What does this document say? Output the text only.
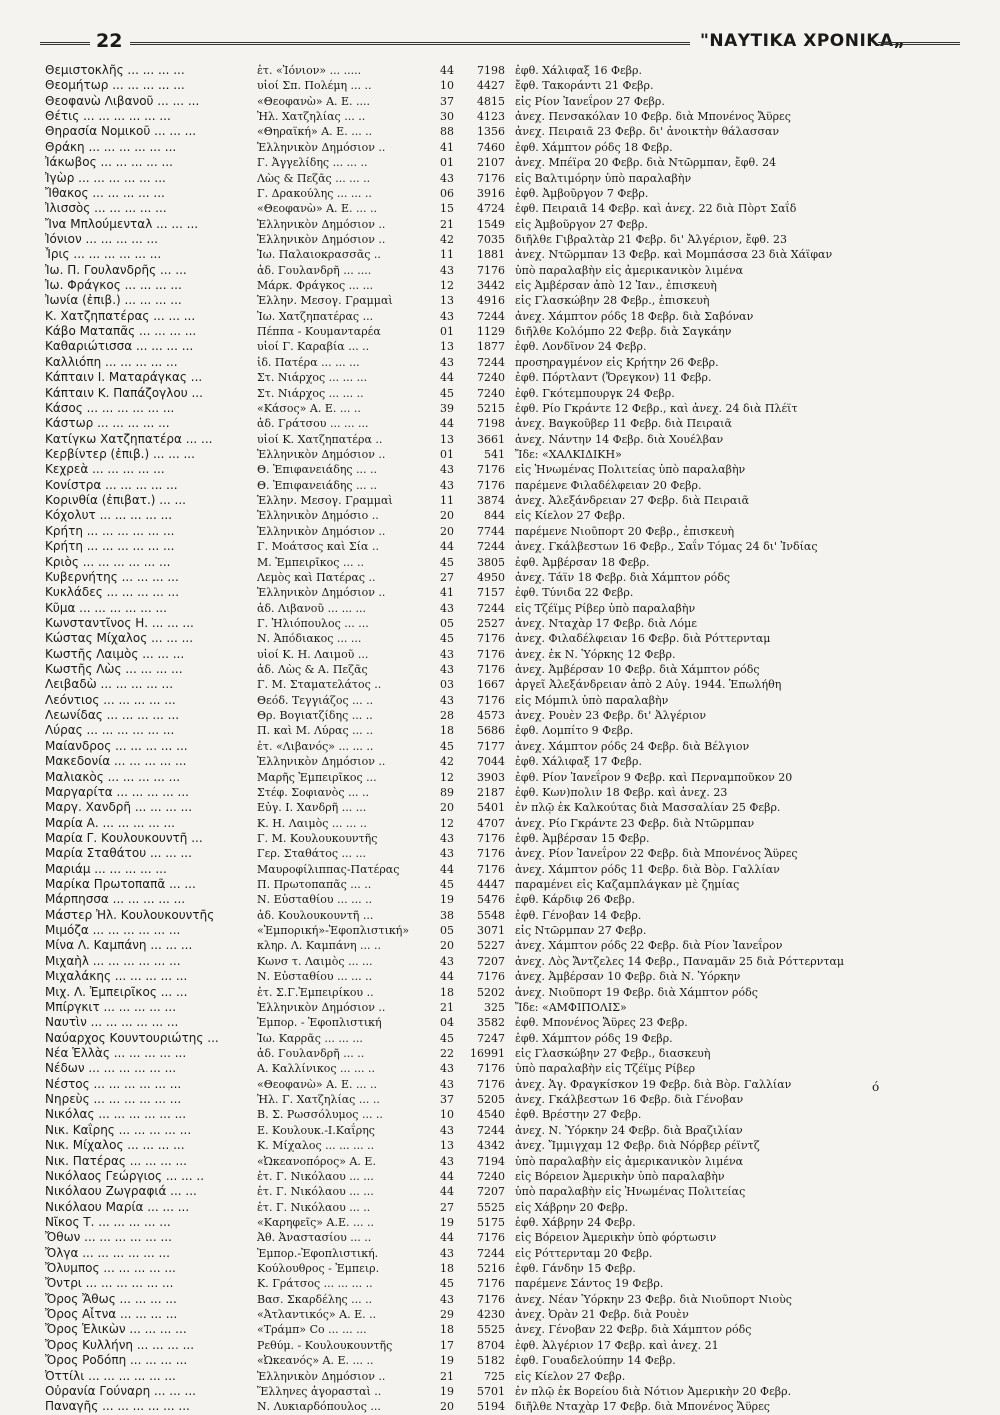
22	"ΝΑΥΤΙΚΑ ΧΡΟΝΙΚΑ„
Θεμιστοκλῆς ... ... ... ...	ἑτ. «Ἰόνιον» ... .....	44	7198 ἐφθ. Χάλιφαξ 16 Φεβρ.
Θεομήτωρ ... ... ... ... ...	υἱοί Σπ. Πολέμη ... ..	10	4427 ἔφθ. Τακοράντι 21 Φεβρ.
Θεοφανὼ Λιβανοῦ ... ... ...	«Θεοφανὼ» Α. Ε. ....	37	4815 εἰς Ρίον Ἰανεΐρον 27 Φεβρ.
Θέτις ... ... ... ... ... ...	Ἠλ. Χατζηλίας ... ..	30	4123 ἀνεχ. Πενσακόλαν 10 Φεβρ. διὰ Μπονένος Ἄϋρες
Θηρασία Νομικοῦ ... ... ...	«Θηραϊκή» Α. Ε. ... ..	88	1356 ἀνεχ. Πειραιᾶ 23 Φεβρ. δι' ἀνοικτὴν θάλασσαν
Θράκη ... ... ... ... ... ...	Ἑλληνικὸν Δημόσιον ..	41	7460 ἐφθ. Χάμπτον ρόδς 18 Φεβρ.
Ἰάκωβος ... ... ... ... ...	Γ. Ἀγγελίδης ... ... ..	01	2107 ἀνεχ. Μπέϊρα 20 Φεβρ. διὰ Ντῶρμπαν, ἔφθ. 24
Ἰγὼρ ... ... ... ... ... ...	Λὼς & Πεζᾶς ... ... ..	43	7176 εἰς Βαλτιμόρην ὑπὸ παραλαβὴν
Ἴθακος ... ... ... ... ...	Γ. Δρακούλης ... ... ..	06	3916 ἐφθ. Ἀμβοῦργον 7 Φεβρ.
Ἰλισσὸς ... ... ... ... ...	«Θεοφανὼ» Α. Ε. ... ..	15	4724 ἐφθ. Πειραιᾶ 14 Φεβρ. καὶ ἀνεχ. 22 διὰ Πὸρτ Σαΐδ
Ἴνα Μπλούμενταλ ... ... ...	Ἑλληνικὸν Δημόσιον ..	21	1549 εἰς Ἀμβοῦργον 27 Φεβρ.
Ἰόνιον ... ... ... ... ...	Ἑλληνικὸν Δημόσιον ..	42	7035 διῆλθε Γιβραλτὰρ 21 Φεβρ. δι' Ἀλγέριον, ἔφθ. 23
Ἶρις ... ... ... ... ... ...	Ἰω. Παλαιοκρασσᾶς ..	11	1881 ἀνεχ. Ντῶρμπαν 13 Φεβρ. καὶ Μομπάσσα 23 διὰ Χάϊφαν
Ἰω. Π. Γουλανδρῆς ... ...	ἀδ. Γουλανδρῆ ... ....	43	7176 ὑπὸ παραλαβὴν εἰς ἀμερικανικὸν λιμένα
Ἰω. Φράγκος ... ... ... ...	Μάρκ. Φράγκος ... ...	12	3442 εἰς Ἀμβέρσαν ἀπὸ 12 Ἰαν., ἐπισκευὴ
Ἰωνία (ἐπιβ.) ... ... ... ...	Ἑλλην. Μεσογ. Γραμμαὶ	13	4916 εἰς Γλασκώβην 28 Φεβρ., ἐπισκευὴ
Κ. Χατζηπατέρας ... ... ...	Ἰω. Χατζηπατέρας ...	43	7244 ἀνεχ. Χάμπτον ρόδς 18 Φεβρ. διὰ Σαβόναν
Κάβο Ματαπᾶς ... ... ... ...	Πέππα - Κουμανταρέα	01	1129 διῆλθε Κολόμπο 22 Φεβρ. διὰ Σαγκάην
Καθαριώτισσα ... ... ... ...	υἱοί Γ. Καραβία ... ..	13	1877 ἐφθ. Λονδῖνον 24 Φεβρ.
Καλλιόπη ... ... ... ... ...	ἰδ. Πατέρα ... ... ...	43	7244 προσηραγμένον εἰς Κρήτην 26 Φεβρ.
Κάπταιν Ι. Ματαράγκας ...	Στ. Νιάρχος ... ... ...	44	7240 ἐφθ. Πόρτλαντ (Ὄρεγκον) 11 Φεβρ.
Κάπταιν Κ. Παπάζογλου ...	Στ. Νιάρχος ... ... ..	45	7240 ἐφθ. Γκότεμπουργκ 24 Φεβρ.
Κάσος ... ... ... ... ... ...	«Κάσος» Α. Ε. ... ..	39	5215 ἐφθ. Ρίο Γκράντε 12 Φεβρ., καὶ ἀνεχ. 24 διὰ Πλέϊτ
Κάστωρ ... ... ... ... ...	ἀδ. Γράτσου ... ... ...	44	7198 ἀνεχ. Βαγκοῦβερ 11 Φεβρ. διὰ Πειραιᾶ
Κατίγκω Χατζηπατέρα ... ...	υἱοί Κ. Χατζηπατέρα ..	13	3661 ἀνεχ. Νάντην 14 Φεβρ. διὰ Χουέλβαν
Κερβίντερ (ἐπιβ.) ... ... ...	Ἑλληνικὸν Δημόσιον ..	01	541 Ἴδε: «ΧΑΛΚΙΔΙΚΗ»
Κεχρεὰ ... ... ... ... ...	Θ. Ἐπιφανειάδης ... ..	43	7176 εἰς Ἠνωμένας Πολιτείας ὑπὸ παραλαβὴν
Κονίστρα ... ... ... ... ...	Θ. Ἐπιφανειάδης ... ..	43	7176 παρέμενε Φιλαδέλφειαν 20 Φεβρ.
Κορινθία (ἐπιβατ.) ... ...	Ἑλλην. Μεσογ. Γραμμαὶ	11	3874 ἀνεχ. Ἀλεξάνδρειαν 27 Φεβρ. διὰ Πειραιᾶ
Κόχολυτ ... ... ... ... ...	Ἑλληνικὸν Δημόσιο ..	20	844 εἰς Κίελον 27 Φεβρ.
Κρήτη ... ... ... ... ... ...	Ἑλληνικὸν Δημόσιον ..	20	7744 παρέμενε Νιοῦπορτ 20 Φεβρ., ἐπισκευὴ
Κρήτη ... ... ... ... ... ...	Γ. Μοάτσος καὶ Σία ..	44	7244 ἀνεχ. Γκάλβεστων 16 Φεβρ., Σαΐν Τόμας 24 δι' Ἰνδίας
Κριὸς ... ... ... ... ... ...	Μ. Ἐμπειρῖκος ... ..	45	3805 ἐφθ. Ἀμβέρσαν 18 Φεβρ.
Κυβερνήτης ... ... ... ...	Λεμὸς καὶ Πατέρας ..	27	4950 ἀνεχ. Τάϊν 18 Φεβρ. διὰ Χάμπτον ρόδς
Κυκλάδες ... ... ... ... ...	Ἑλληνικὸν Δημόσιον ..	41	7157 ἐφθ. Τύνιδα 22 Φεβρ.
Κῦμα ... ... ... ... ... ...	ἀδ. Λιβανοῦ ... ... ...	43	7244 εἰς Τζέϊμς Ρίβερ ὑπὸ παραλαβὴν
Κωνσταντῖνος Η. ... ... ...	Γ. Ἠλιόπουλος ... ...	05	2527 ἀνεχ. Νταχὰρ 17 Φεβρ. διὰ Λόμε
Κώστας Μίχαλος ... ... ...	Ν. Ἀπόδιακος ... ...	45	7176 ἀνεχ. Φιλαδέλφειαν 16 Φεβρ. διὰ Ρόττερνταμ
Κωστῆς Λαιμὸς ... ... ...	υἱοί Κ. Η. Λαιμοῦ ...	43	7176 ἀνεχ. ἐκ Ν. Ὑόρκης 12 Φεβρ.
Κωστῆς Λὼς ... ... ... ...	ἀδ. Λὼς & Α. Πεζᾶς	43	7176 ἀνεχ. Ἀμβέρσαν 10 Φεβρ. διὰ Χάμπτον ρόδς
Λειβαδὼ ... ... ... ... ...	Γ. Μ. Σταματελάτος ..	03	1667 ἀργεῖ Ἀλεξάνδρειαν ἀπὸ 2 Αὐγ. 1944. Ἐπωλήθη
Λεόντιος ... ... ... ... ...	Θεόδ. Τεγγιάζος ... ..	43	7176 εἰς Μόμπιλ ὑπὸ παραλαβὴν
Λεωνίδας ... ... ... ... ...	Θρ. Βογιατζίδης ... ..	28	4573 ἀνεχ. Ρουὲν 23 Φεβρ. δι' Ἀλγέριον
Λύρας ... ... ... ... ... ...	Π. καὶ Μ. Λύρας ... ..	18	5686 ἐφθ. Λομπίτο 9 Φεβρ.
Μαίανδρος ... ... ... ... ...	ἑτ. «Λιβανός» ... ... ..	45	7177 ἀνεχ. Χάμπτον ρόδς 24 Φεβρ. διὰ Βέλγιον
Μακεδονία ... ... ... ... ...	Ἑλληνικὸν Δημόσιον ..	42	7044 ἐφθ. Χάλιφαξ 17 Φεβρ.
Μαλιακὸς ... ... ... ... ...	Μαρῆς Ἐμπειρῖκος ...	12	3903 ἐφθ. Ρίον Ἰανεΐρον 9 Φεβρ. καὶ Περναμποῦκον 20
Μαργαρίτα ... ... ... ... ...	Στέφ. Σοφιανὸς ... ..	89	2187 ἐφθ. Κων)πολιν 18 Φεβρ. καὶ ἀνεχ. 23
Μαργ. Χανδρῆ ... ... ... ...	Εὐγ. Ι. Χανδρῆ ... ...	20	5401 ἐν πλῷ ἐκ Καλκούτας διὰ Μασσαλίαν 25 Φεβρ.
Μαρία Α. ... ... ... ... ...	Κ. Η. Λαιμὸς ... ... ..	12	4707 ἀνεχ. Ρίο Γκράντε 23 Φεβρ. διὰ Ντῶρμπαν
Μαρία Γ. Κουλουκουντῆ ...	Γ. Μ. Κουλουκουντῆς	43	7176 ἐφθ. Ἀμβέρσαν 15 Φεβρ.
Μαρία Σταθάτου ... ... ...	Γερ. Σταθάτος ... ...	43	7176 ἀνεχ. Ρίον Ἰανεΐρον 22 Φεβρ. διὰ Μπονένος Ἄϋρες
Μαριάμ ... ... ... ... ...	Μαυροφίλιππας-Πατέρας	44	7176 ἀνεχ. Χάμπτον ρόδς 11 Φεβρ. διὰ Βὸρ. Γαλλίαν
Μαρίκα Πρωτοπαπᾶ ... ...	Π. Πρωτοπαπᾶς ... ..	45	4447 παραμένει εἰς Καζαμπλάγκαν μὲ ζημίας
Μάρπησσα ... ... ... ... ...	Ν. Εὐσταθίου ... ... ..	19	5476 ἐφθ. Κάρδιφ 26 Φεβρ.
Μάστερ Ἠλ. Κουλουκουντῆς	ἀδ. Κουλουκουντῆ ...	38	5548 ἐφθ. Γένοβαν 14 Φεβρ.
Μιμόζα ... ... ... ... ... ...	«Ἐμπορική»-Ἐφοπλιστική»	05	3071 εἰς Ντῶρμπαν 27 Φεβρ.
Μίνα Λ. Καμπάνη ... ... ...	κληρ. Λ. Καμπάνη ... ..	20	5227 ἀνεχ. Χάμπτον ρόδς 22 Φεβρ. διὰ Ρίον Ἰανεΐρον
Μιχαὴλ ... ... ... ... ... ...	Κωνσ τ. Λαιμὸς ... ...	43	7207 ἀνεχ. Λὸς Ἄντζελες 14 Φεβρ., Παναμᾶν 25 διὰ Ρόττερνταμ
Μιχαλάκης ... ... ... ... ...	Ν. Εὐσταθίου ... ... ..	44	7176 ἀνεχ. Ἀμβέρσαν 10 Φεβρ. διὰ Ν. Ὑόρκην
Μιχ. Λ. Ἐμπειρῖκος ... ...	ἑτ. Σ.Γ.Ἐμπειρίκου ..	18	5202 ἀνεχ. Νιοῦπορτ 19 Φεβρ. διὰ Χάμπτον ρόδς
Μπίργκιτ ... ... ... ... ...	Ἑλληνικὸν Δημόσιον ..	21	325 Ἴδε: «ΑΜΦΙΠΟΛΙΣ»
Ναυτὶν ... ... ... ... ... ...	Ἐμπορ. - Ἐφοπλιστική	04	3582 ἐφθ. Μπονένος Ἄϋρες 23 Φεβρ.
Ναύαρχος Κουντουριώτης ...	Ἰω. Καρρᾶς ... ... ...	45	7247 ἐφθ. Χάμπτον ρόδς 19 Φεβρ.
Νέα Ἑλλὰς ... ... ... ... ...	ἀδ. Γουλανδρῆ ... ..	22	16991 εἰς Γλασκώβην 27 Φεβρ., διασκευὴ
Νέδων ... ... ... ... ... ...	Α. Καλλίνικος ... ... ..	43	7176 ὑπὸ παραλαβὴν εἰς Τζέϊμς Ρίβερ
Νέστος ... ... ... ... ... ...	«Θεοφανὼ» Α. Ε. ... ..	43	7176 ἀνεχ. Ἁγ. Φραγκίσκον 19 Φεβρ. διὰ Βὸρ. Γαλλίαν
Νηρεὺς ... ... ... ... ... ...	Ἠλ. Γ. Χατζηλίας ... ..	37	5205 ἀνεχ. Γκάλβεστων 16 Φεβρ. διὰ Γένοβαν
Νικόλας ... ... ... ... ... ...	Β. Σ. Ρωσσόλυμος ... ..	10	4540 ἐφθ. Βρέστην 27 Φεβρ.
Νικ. Καΐρης ... ... ... ... ...	Ε. Κουλουκ.-Ι.Καΐρης	43	7244 ἀνεχ. Ν. Ὑόρκην 24 Φεβρ. διὰ Βραζιλίαν
Νικ. Μίχαλος ... ... ... ...	Κ. Μίχαλος ... ... ... ..	13	4342 ἀνεχ. Ἴμμιγχαμ 12 Φεβρ. διὰ Νόρβερ ρέϊντζ
Νικ. Πατέρας ... ... ... ...	«Ὠκεανοπόρος» Α. Ε.	43	7194 ὑπὸ παραλαβὴν εἰς ἀμερικανικὸν λιμένα
Νικόλαος Γεώργιος ... ... ..	ἑτ. Γ. Νικόλαου ... ...	44	7240 εἰς Βόρειον Ἀμερικὴν ὑπὸ παραλαβὴν
Νικόλαου Ζωγραφιά ... ...	ἑτ. Γ. Νικόλαου ... ...	44	7207 ὑπὸ παραλαβὴν εἰς Ἠνωμένας Πολιτείας
Νικόλαου Μαρία ... ... ...	ἑτ. Γ. Νικόλαου ... ..	27	5525 εἰς Χάβρην 20 Φεβρ.
Νῖκος Τ. ... ... ... ... ...	«Καρηφεῖς» Α.Ε. ... ..	19	5175 ἐφθ. Χάβρην 24 Φεβρ.
Ὄθων ... ... ... ... ... ...	Ἀθ. Ἀναστασίου ... ..	44	7176 εἰς Βόρειον Ἀμερικὴν ὑπὸ φόρτωσιν
Ὄλγα ... ... ... ... ... ...	Ἐμπορ.-Ἐφοπλιστική.	43	7244 εἰς Ρόττερνταμ 20 Φεβρ.
Ὄλυμπος ... ... ... ... ...	Κούλουθρος - Ἐμπειρ.	18	5216 ἐφθ. Γάνδην 15 Φεβρ.
Ὄντρι ... ... ... ... ... ...	Κ. Γράτσος ... ... ... ..	45	7176 παρέμενε Σάντος 19 Φεβρ.
Ὄρος Ἄθως ... ... ... ...	Βασ. Σκαρδέλης ... ..	43	7176 ἀνεχ. Νέαν Ὑόρκην 23 Φεβρ. διὰ Νιοῦπορτ Νιοὺς
Ὄρος Αἶτνα ... ... ... ...	«Ἀτλαντικός» Α. Ε. ..	29	4230 ἀνεχ. Ὀρὰν 21 Φεβρ. διὰ Ρουὲν
Ὄρος Ἑλικὼν ... ... ... ...	«Τράμπ» Co ... ... ...	18	5525 ἀνεχ. Γένοβαν 22 Φεβρ. διὰ Χάμπτον ρόδς
Ὄρος Κυλλήνη ... ... ... ...	Ρεθύμ. - Κουλουκουντῆς	17	8704 ἐφθ. Ἀλγέριον 17 Φεβρ. καὶ ἀνεχ. 21
Ὄρος Ροδόπη ... ... ... ...	«Ὠκεανός» Α. Ε. ... ..	19	5182 ἐφθ. Γουαδελούπην 14 Φεβρ.
Ὀττίλι ... ... ... ... ... ...	Ἑλληνικὸν Δημόσιον ..	21	725 εἰς Κίελον 27 Φεβρ.
Οὐρανία Γούναρη ... ... ...	Ἕλληνες ἀγορασταὶ ..	19	5701 ἐν πλῷ ἐκ Βορείου διὰ Νότιον Ἀμερικὴν 20 Φεβρ.
Παναγῆς ... ... ... ... ... ...	Ν. Λυκιαρδόπουλος ...	20	5194 διῆλθε Νταχὰρ 17 Φεβρ. διὰ Μπονένος Ἄϋρες
ό
